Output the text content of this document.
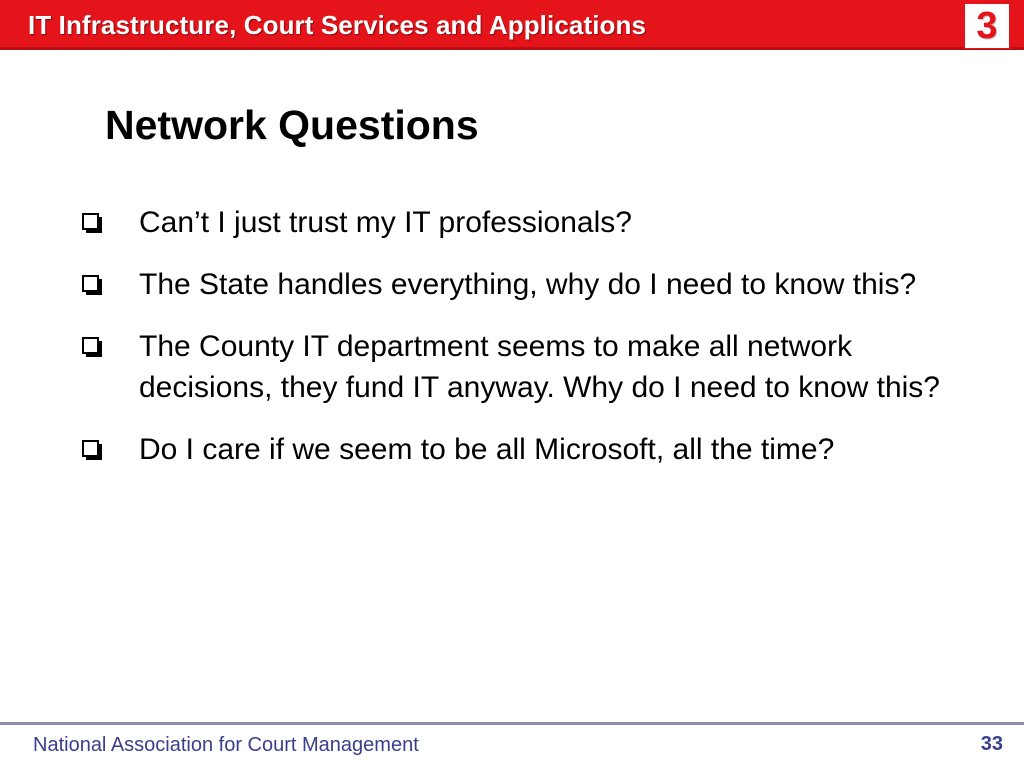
IT Infrastructure, Court Services and Applications	3
Network Questions
Can’t I just trust my IT professionals?
The State handles everything, why do I need to know this?
The County IT department seems to make all network decisions, they fund IT anyway. Why do I need to know this?
Do I care if we seem to be all Microsoft, all the time?
National Association for Court Management	33
